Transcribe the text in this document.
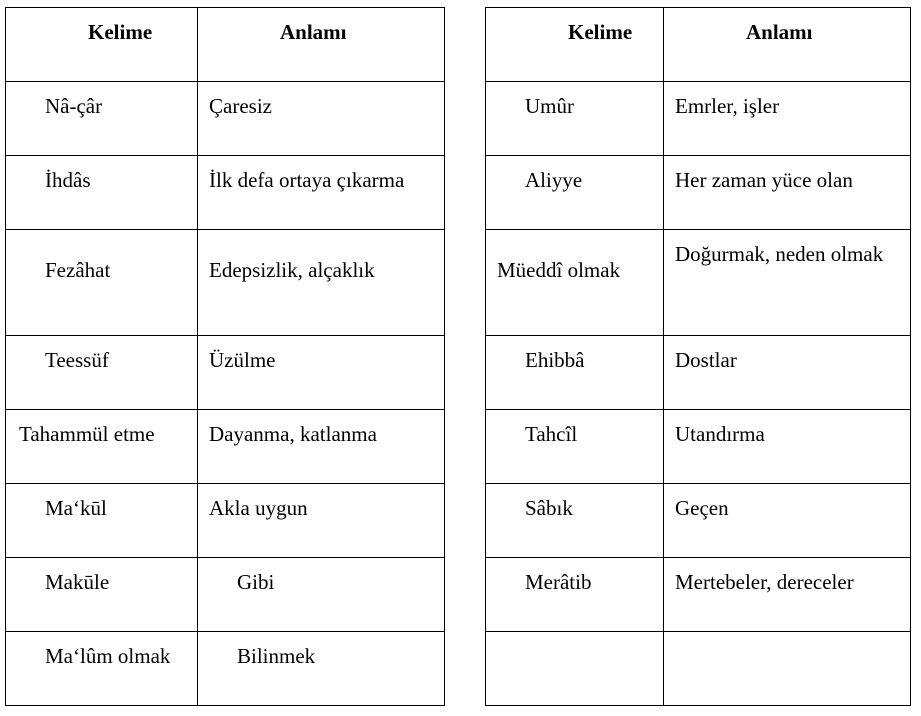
Kelime	Anlamı

Nâ-çâr	Çaresiz

İhdâs	İlk defa ortaya çıkarma

Fezâhat	Edepsizlik, alçaklık

Teessüf	Üzülme

Tahammül etme	Dayanma, katlanma

Ma‘kūl	Akla uygun

Makūle	Gibi

Ma‘lûm olmak	Bilinmek
Kelime	Anlamı

Umûr	Emrler, işler

Aliyye	Her zaman yüce olan

Müeddî olmak	Doğurmak, neden olmak

Ehibbâ	Dostlar

Tahcîl	Utandırma

Sâbık	Geçen

Merâtib	Mertebeler, dereceler
